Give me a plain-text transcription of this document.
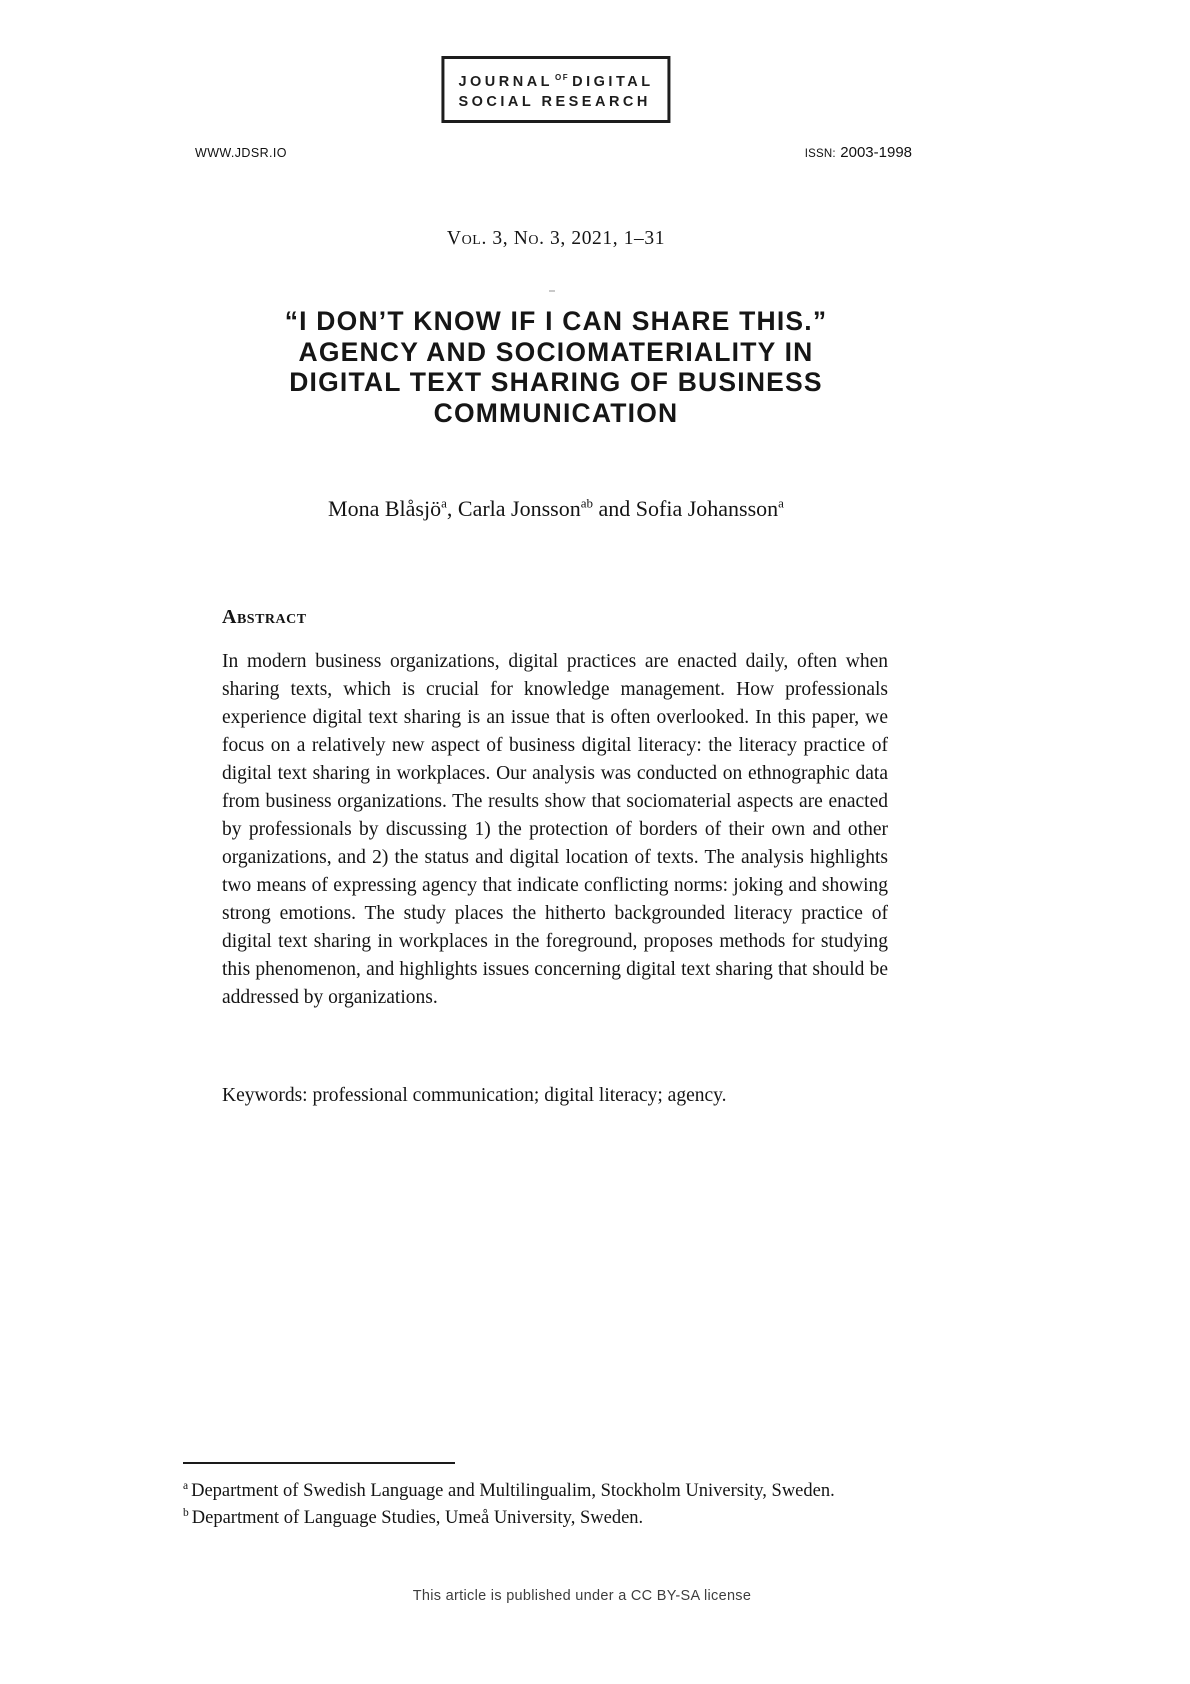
JOURNAL $^{OF}$ DIGITAL
SOCIAL RESEARCH
WWW.JDSR.IO	ISSN: 2003-1998
Vol. 3, No. 3, 2021, 1–31
“I DON’T KNOW IF I CAN SHARE THIS.”
AGENCY AND SOCIOMATERIALITY IN
DIGITAL TEXT SHARING OF BUSINESS
COMMUNICATION
Mona Blåsjö$^a$, Carla Jonsson$^{ab}$ and Sofia Johansson$^a$
Abstract

In modern business organizations, digital practices are enacted daily, often when sharing texts, which is crucial for knowledge management. How professionals experience digital text sharing is an issue that is often overlooked. In this paper, we focus on a relatively new aspect of business digital literacy: the literacy practice of digital text sharing in workplaces. Our analysis was conducted on ethnographic data from business organizations. The results show that sociomaterial aspects are enacted by professionals by discussing 1) the protection of borders of their own and other organizations, and 2) the status and digital location of texts. The analysis highlights two means of expressing agency that indicate conflicting norms: joking and showing strong emotions. The study places the hitherto backgrounded literacy practice of digital text sharing in workplaces in the foreground, proposes methods for studying this phenomenon, and highlights issues concerning digital text sharing that should be addressed by organizations.

Keywords: professional communication; digital literacy; agency.

$^a$ Department of Swedish Language and Multilingualim, Stockholm University, Sweden.
$^b$ Department of Language Studies, Umeå University, Sweden.
This article is published under a CC BY-SA license
